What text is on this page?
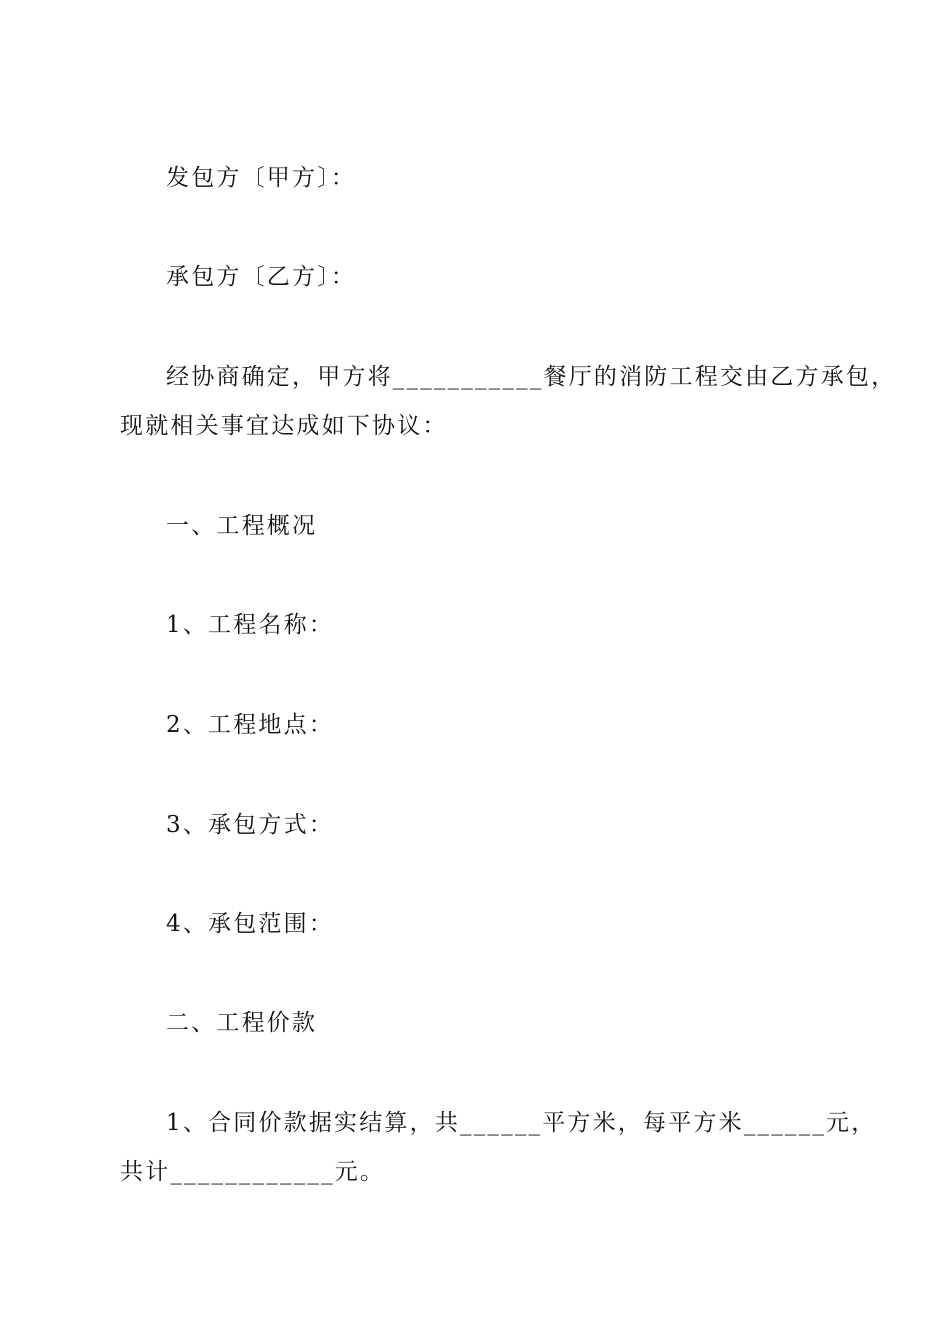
发包方〔甲方〕：
承包方〔乙方〕：
经协商确定，甲方将___________餐厅的消防工程交由乙方承包，
现就相关事宜达成如下协议：
一、工程概况
1、工程名称：
2、工程地点：
3、承包方式：
4、承包范围：
二、工程价款
1、合同价款据实结算，共______平方米，每平方米______元，
共计____________元。
